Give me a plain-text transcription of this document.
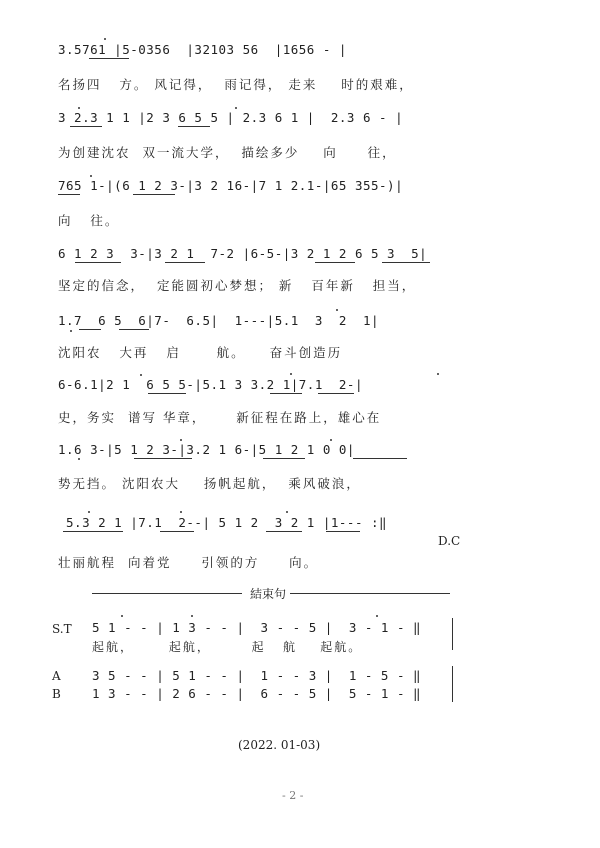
3.5761 |5-0356  |32103 56  |1656 - |
名扬四   方。 风记得，  雨记得， 走来    时的艰难，
3 2.3 1 1 |2 3 6 5 5 | 2.3 6 1 |  2.3 6 - |
为创建沈农  双一流大学，  描绘多少    向     往，
765 1-|(6 1 2 3-|3 2 16-|7 1 2.1-|65 355-)|
向   往。
6 1 2 3  3-|3 2 1  7-2 |6-5-|3 2 1 2 6 5 3  5|
坚定的信念，  定能圆初心梦想； 新   百年新   担当，
1.7  6 5  6|7-  6.5|  1---|5.1  3  2  1|
沈阳农   大再   启      航。    奋斗创造历
6-6.1|2 1  6 5 5-|5.1 3 3.2 1|7.1  2-|
史，务实  谱写 华章，     新征程在路上，雄心在
1.6 3-|5 1 2 3-|3.2 1 6-|5 1 2 1 0 0|
势无挡。 沈阳农大    扬帆起航，  乘风破浪，
5.3 2 1 |7.1  2--| 5 1 2  3 2 1 |1--- :‖
D.C
壮丽航程  向着党     引领的方     向。
結束句
S.T 5 1 - - | 1 3 - - |  3 - - 5 |  3 - 1 - ‖
起航，      起航，       起   航    起航。
A	3 5 - - | 5 1 - - |  1 - - 3 |  1 - 5 - ‖
B 1 3 - - | 2 6 - - |  6 - - 5 |  5 - 1 - ‖
(2022. 01-03)
- 2 -
